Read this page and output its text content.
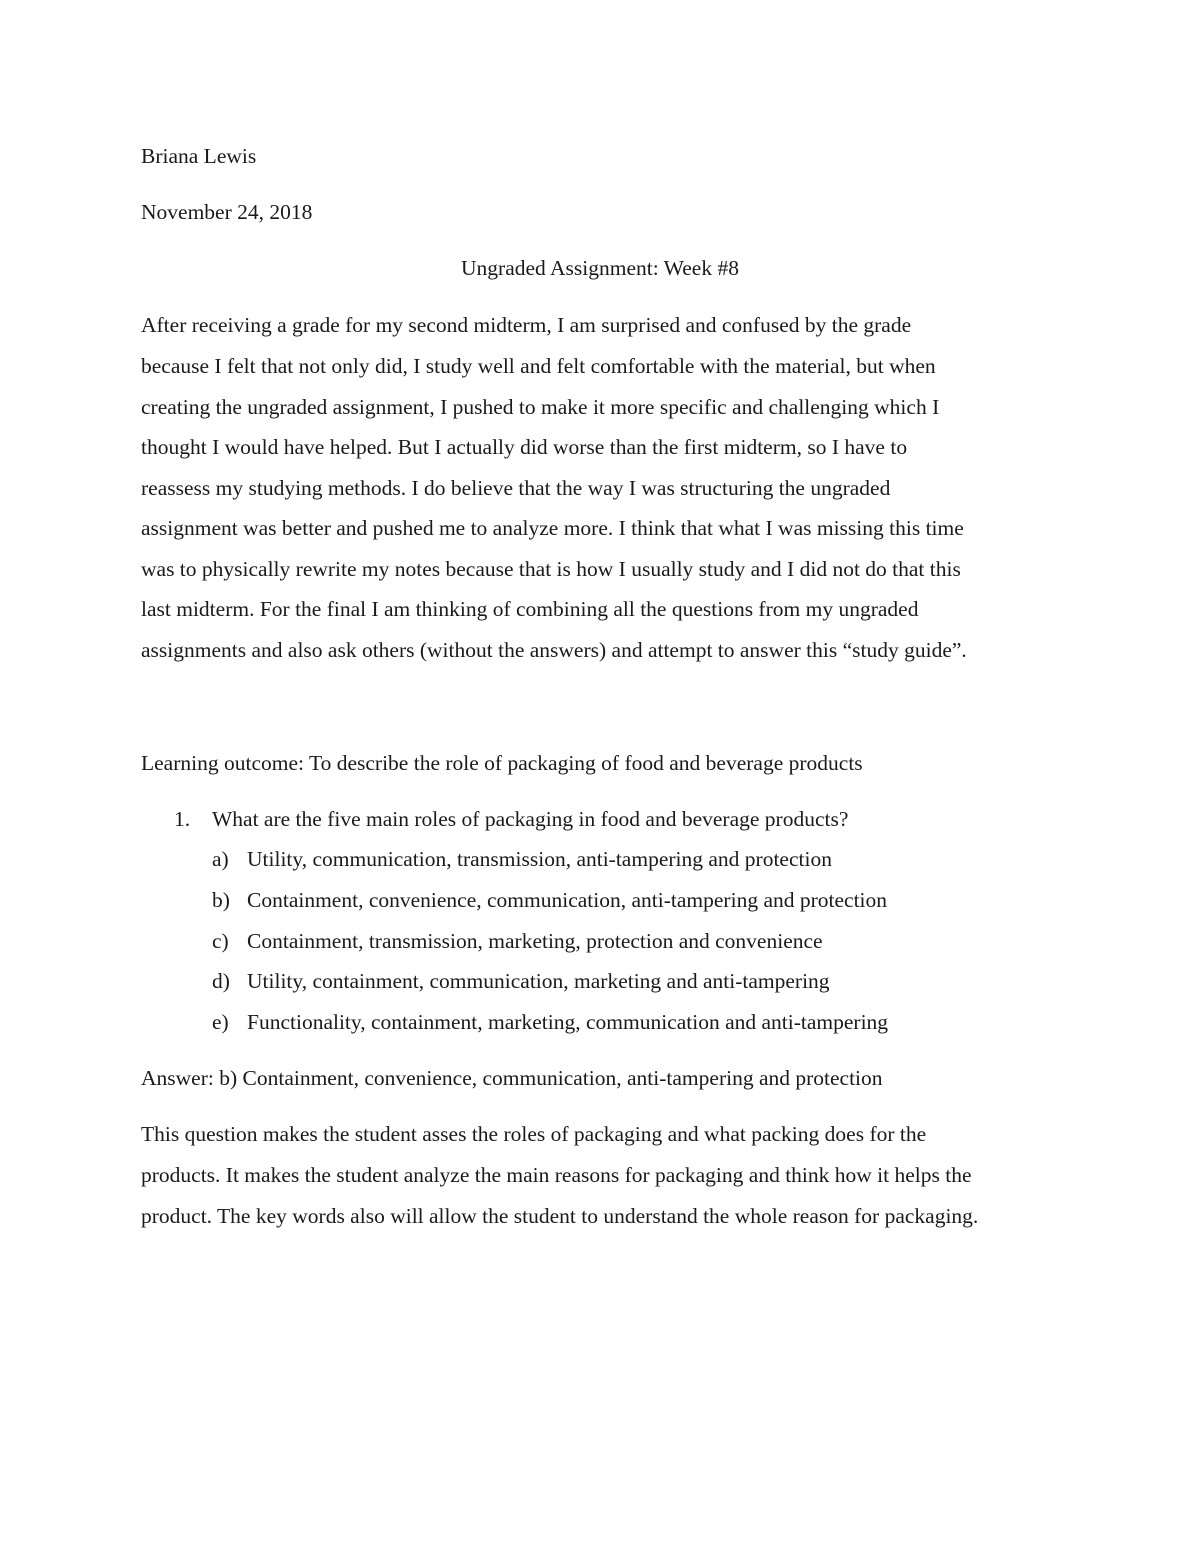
Briana Lewis
November 24, 2018
Ungraded Assignment: Week #8
After receiving a grade for my second midterm, I am surprised and confused by the grade
because I felt that not only did, I study well and felt comfortable with the material, but when
creating the ungraded assignment, I pushed to make it more specific and challenging which I
thought I would have helped. But I actually did worse than the first midterm, so I have to
reassess my studying methods. I do believe that the way I was structuring the ungraded
assignment was better and pushed me to analyze more. I think that what I was missing this time
was to physically rewrite my notes because that is how I usually study and I did not do that this
last midterm. For the final I am thinking of combining all the questions from my ungraded
assignments and also ask others (without the answers) and attempt to answer this “study guide”.
Learning outcome: To describe the role of packaging of food and beverage products
1. What are the five main roles of packaging in food and beverage products?
a) Utility, communication, transmission, anti-tampering and protection
b) Containment, convenience, communication, anti-tampering and protection
c) Containment, transmission, marketing, protection and convenience
d) Utility, containment, communication, marketing and anti-tampering
e) Functionality, containment, marketing, communication and anti-tampering
Answer: b) Containment, convenience, communication, anti-tampering and protection
This question makes the student asses the roles of packaging and what packing does for the
products. It makes the student analyze the main reasons for packaging and think how it helps the
product. The key words also will allow the student to understand the whole reason for packaging.
